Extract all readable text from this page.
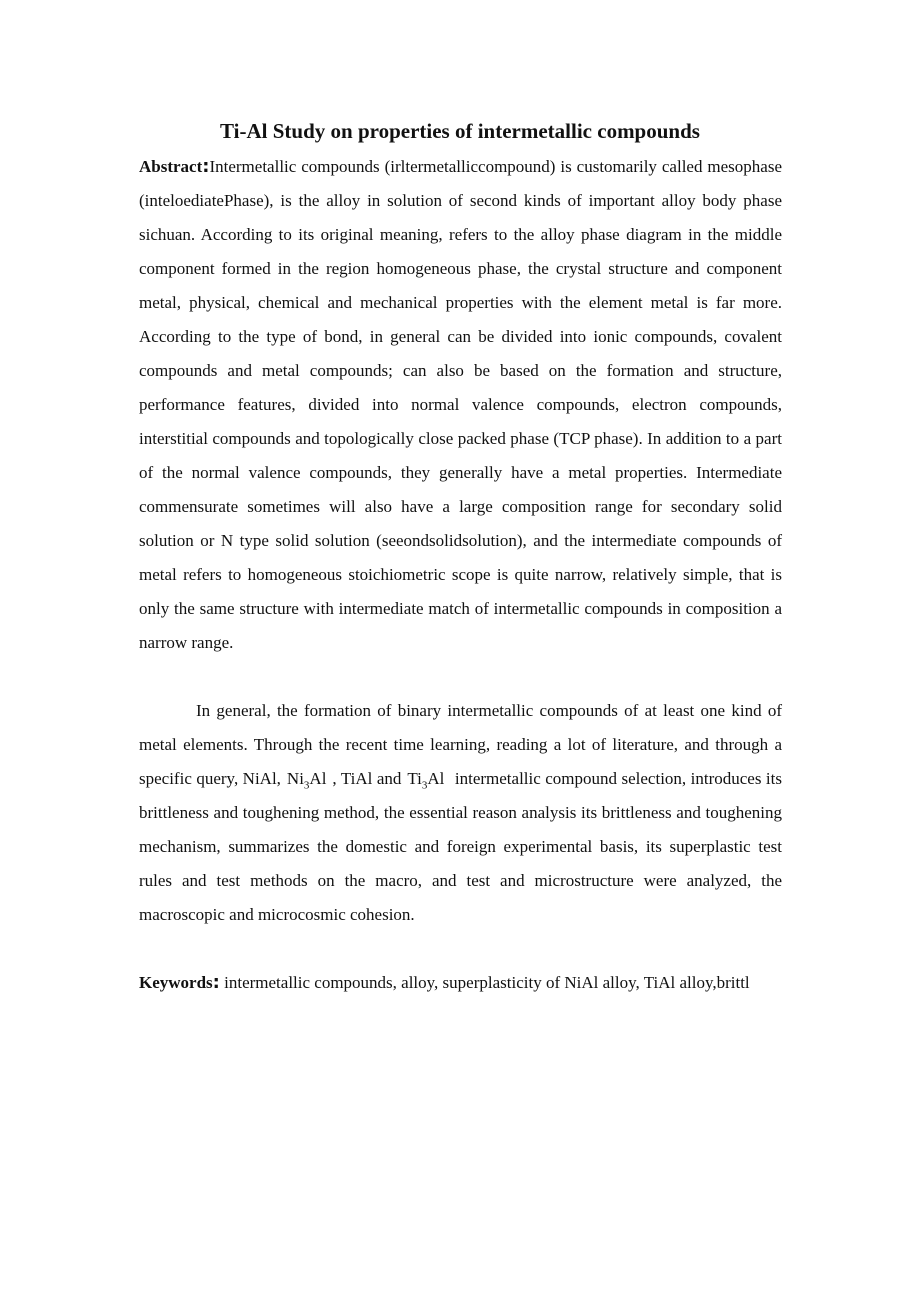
Ti-Al Study on properties of intermetallic compounds

Abstract:Intermetallic compounds (irltermetalliccompound) is customarily called mesophase (inteloediatePhase), is the alloy in solution of second kinds of important alloy body phase sichuan. According to its original meaning, refers to the alloy phase diagram in the middle component formed in the region homogeneous phase, the crystal structure and component metal, physical, chemical and mechanical properties with the element metal is far more. According to the type of bond, in general can be divided into ionic compounds, covalent compounds and metal compounds; can also be based on the formation and structure, performance features, divided into normal valence compounds, electron compounds, interstitial compounds and topologically close packed phase (TCP phase). In addition to a part of the normal valence compounds, they generally have a metal properties. Intermediate commensurate sometimes will also have a large composition range for secondary solid solution or N type solid solution (seeondsolidsolution), and the intermediate compounds of metal refers to homogeneous stoichiometric scope is quite narrow, relatively simple, that is only the same structure with intermediate match of intermetallic compounds in composition a narrow range.

In general, the formation of binary intermetallic compounds of at least one kind of metal elements. Through the recent time learning, reading a lot of literature, and through a specific query, NiAl, $Ni_3Al$ , TiAl and $Ti_3Al$ intermetallic compound selection, introduces its brittleness and toughening method, the essential reason analysis its brittleness and toughening mechanism, summarizes the domestic and foreign experimental basis, its superplastic test rules and test methods on the macro, and test and microstructure were analyzed, the macroscopic and microcosmic cohesion.

Keywords: intermetallic compounds, alloy, superplasticity of NiAl alloy, TiAl alloy,brittl
